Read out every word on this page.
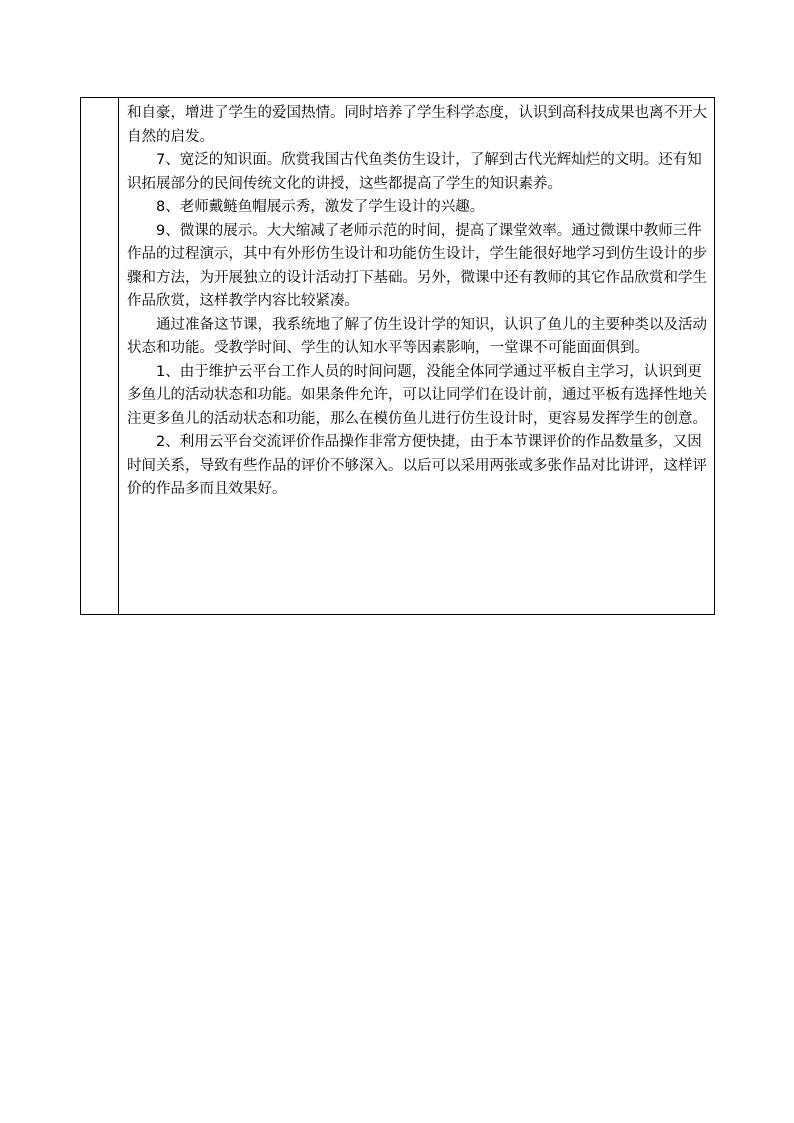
和自豪，增进了学生的爱国热情。同时培养了学生科学态度，认识到高科技成果也离不开大自然的启发。

7、宽泛的知识面。欣赏我国古代鱼类仿生设计，了解到古代光辉灿烂的文明。还有知识拓展部分的民间传统文化的讲授，这些都提高了学生的知识素养。

8、老师戴鲢鱼帽展示秀，激发了学生设计的兴趣。

9、微课的展示。大大缩减了老师示范的时间，提高了课堂效率。通过微课中教师三件作品的过程演示，其中有外形仿生设计和功能仿生设计，学生能很好地学习到仿生设计的步骤和方法，为开展独立的设计活动打下基础。另外，微课中还有教师的其它作品欣赏和学生作品欣赏，这样教学内容比较紧凑。

通过准备这节课，我系统地了解了仿生设计学的知识，认识了鱼儿的主要种类以及活动状态和功能。受教学时间、学生的认知水平等因素影响，一堂课不可能面面俱到。

1、由于维护云平台工作人员的时间问题，没能全体同学通过平板自主学习，认识到更多鱼儿的活动状态和功能。如果条件允许，可以让同学们在设计前，通过平板有选择性地关注更多鱼儿的活动状态和功能，那么在模仿鱼儿进行仿生设计时，更容易发挥学生的创意。

2、利用云平台交流评价作品操作非常方便快捷，由于本节课评价的作品数量多，又因时间关系，导致有些作品的评价不够深入。以后可以采用两张或多张作品对比讲评，这样评价的作品多而且效果好。
